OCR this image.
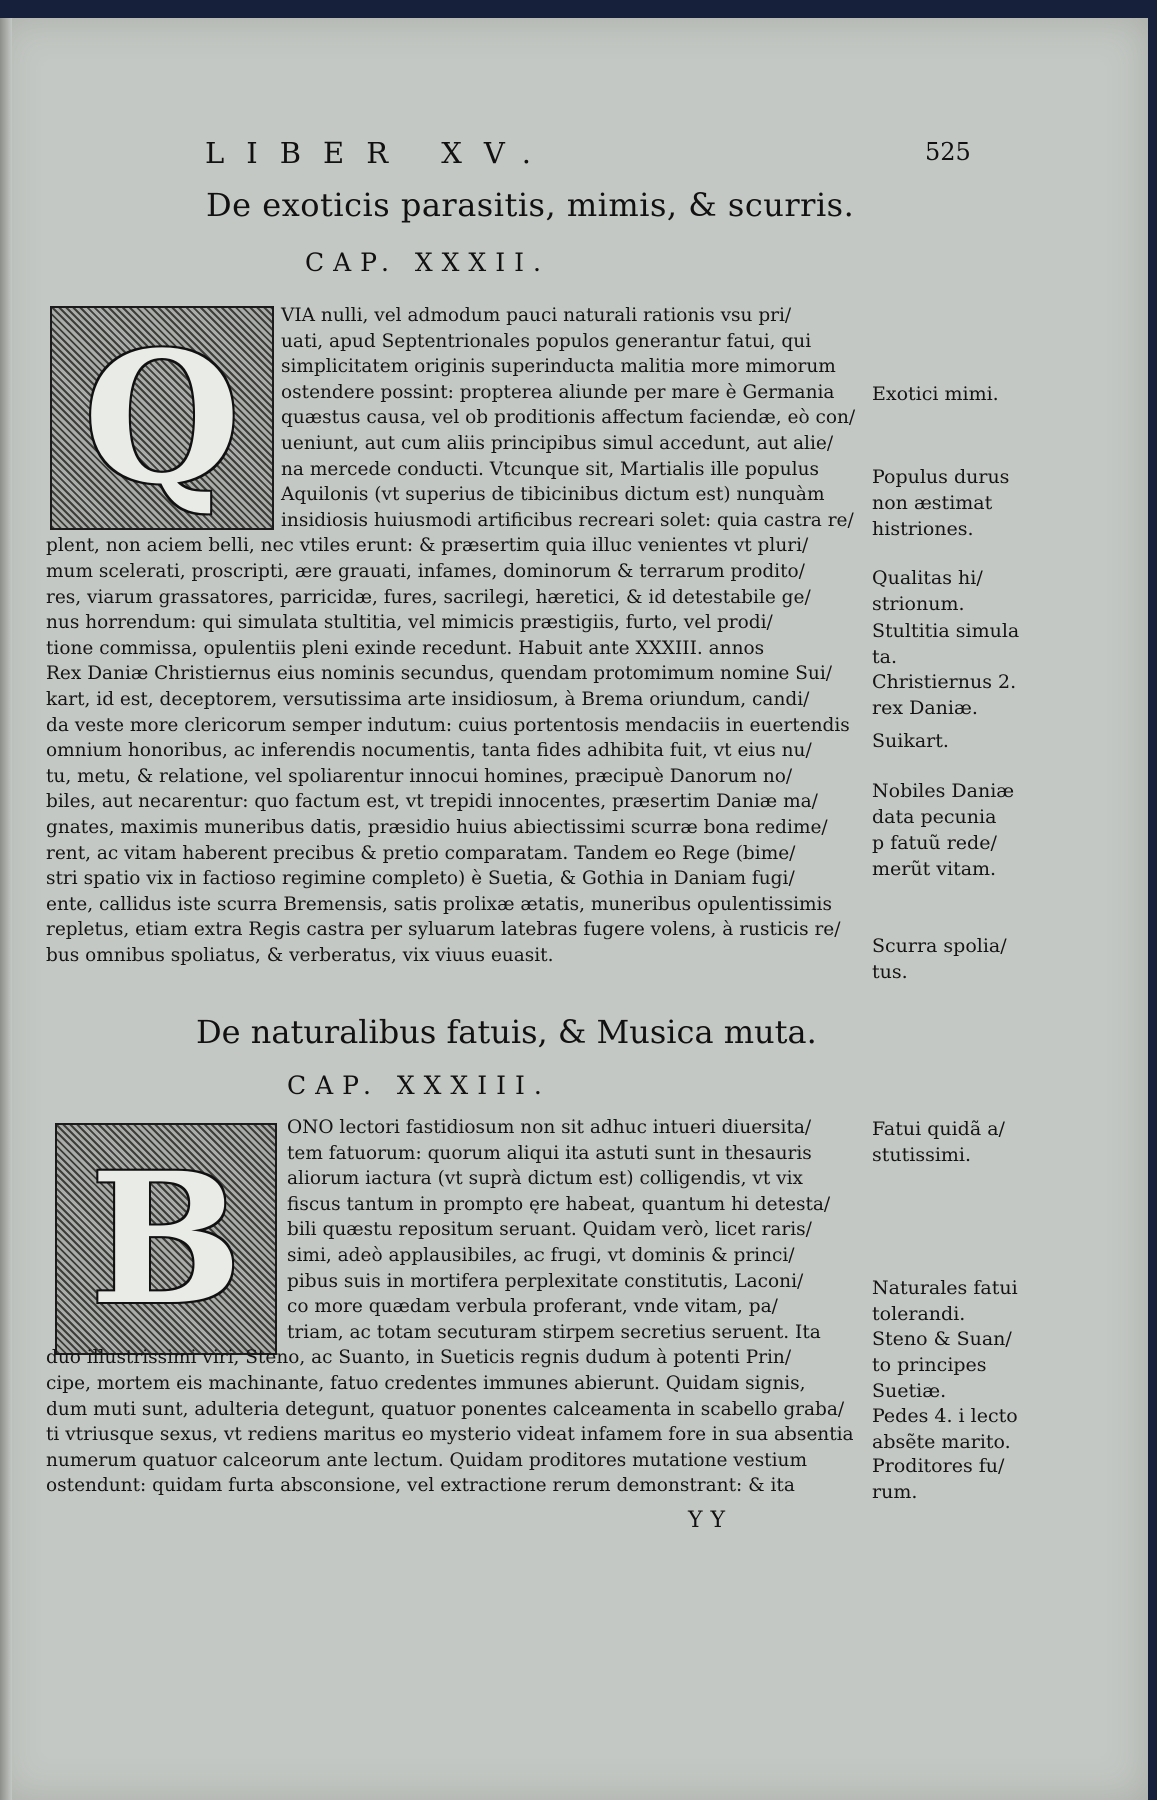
LIBER XV.	525
De exoticis parasitis, mimis, & scurris.
CAP. XXXII.
Q	VIA nulli, vel admodum pauci naturali rationis vsu pri/
uati, apud Septentrionales populos generantur fatui, qui
simplicitatem originis superinducta malitia more mimorum
ostendere possint: propterea aliunde per mare è Germania
quæstus causa, vel ob proditionis affectum faciendæ, eò con/
ueniunt, aut cum aliis principibus simul accedunt, aut alie/
na mercede conducti. Vtcunque sit, Martialis ille populus
Aquilonis (vt superius de tibicinibus dictum est) nunquàm
insidiosis huiusmodi artificibus recreari solet: quia castra re/
plent, non aciem belli, nec vtiles erunt: & præsertim quia illuc venientes vt pluri/
mum scelerati, proscripti, ære grauati, infames, dominorum & terrarum prodito/
res, viarum grassatores, parricidæ, fures, sacrilegi, hæretici, & id detestabile ge/
nus horrendum: qui simulata stultitia, vel mimicis præstigiis, furto, vel prodi/
tione commissa, opulentiis pleni exinde recedunt. Habuit ante XXXIII. annos
Rex Daniæ Christiernus eius nominis secundus, quendam protomimum nomine Sui/
kart, id est, deceptorem, versutissima arte insidiosum, à Brema oriundum, candi/
da veste more clericorum semper indutum: cuius portentosis mendaciis in euertendis
omnium honoribus, ac inferendis nocumentis, tanta fides adhibita fuit, vt eius nu/
tu, metu, & relatione, vel spoliarentur innocui homines, præcipuè Danorum no/
biles, aut necarentur: quo factum est, vt trepidi innocentes, præsertim Daniæ ma/
gnates, maximis muneribus datis, præsidio huius abiectissimi scurræ bona redime/
rent, ac vitam haberent precibus & pretio comparatam. Tandem eo Rege (bime/
stri spatio vix in factioso regimine completo) è Suetia, & Gothia in Daniam fugi/
ente, callidus iste scurra Bremensis, satis prolixæ ætatis, muneribus opulentissimis
repletus, etiam extra Regis castra per syluarum latebras fugere volens, à rusticis re/
bus omnibus spoliatus, & verberatus, vix viuus euasit.
Exotici mimi.
Populus durus
non æstimat
histriones.
Qualitas hi/
strionum.
Stultitia simula
ta.
Christiernus 2.
rex Daniæ.
Suikart.
Nobiles Daniæ
data pecunia
p fatuũ rede/
merũt vitam.
Scurra spolia/
tus.
De naturalibus fatuis, & Musica muta.
CAP. XXXIII.
B
ONO lectori fastidiosum non sit adhuc intueri diuersita/
tem fatuorum: quorum aliqui ita astuti sunt in thesauris
aliorum iactura (vt suprà dictum est) colligendis, vt vix
fiscus tantum in prompto ęre habeat, quantum hi detesta/
bili quæstu repositum seruant. Quidam verò, licet raris/
simi, adeò applausibiles, ac frugi, vt dominis & princi/
pibus suis in mortifera perplexitate constitutis, Laconi/
co more quædam verbula proferant, vnde vitam, pa/
triam, ac totam secuturam stirpem secretius seruent. Ita
duo illustrissimi viri, Steno, ac Suanto, in Sueticis regnis dudum à potenti Prin/
cipe, mortem eis machinante, fatuo credentes immunes abierunt. Quidam signis,
dum muti sunt, adulteria detegunt, quatuor ponentes calceamenta in scabello graba/
ti vtriusque sexus, vt rediens maritus eo mysterio videat infamem fore in sua absentia
numerum quatuor calceorum ante lectum. Quidam proditores mutatione vestium
ostendunt: quidam furta absconsione, vel extractione rerum demonstrant: & ita
Fatui quidã a/
stutissimi.
Naturales fatui
tolerandi.
Steno & Suan/
to principes
Suetiæ.
Pedes 4. i lecto
absẽte marito.
Proditores fu/
rum.
YY
